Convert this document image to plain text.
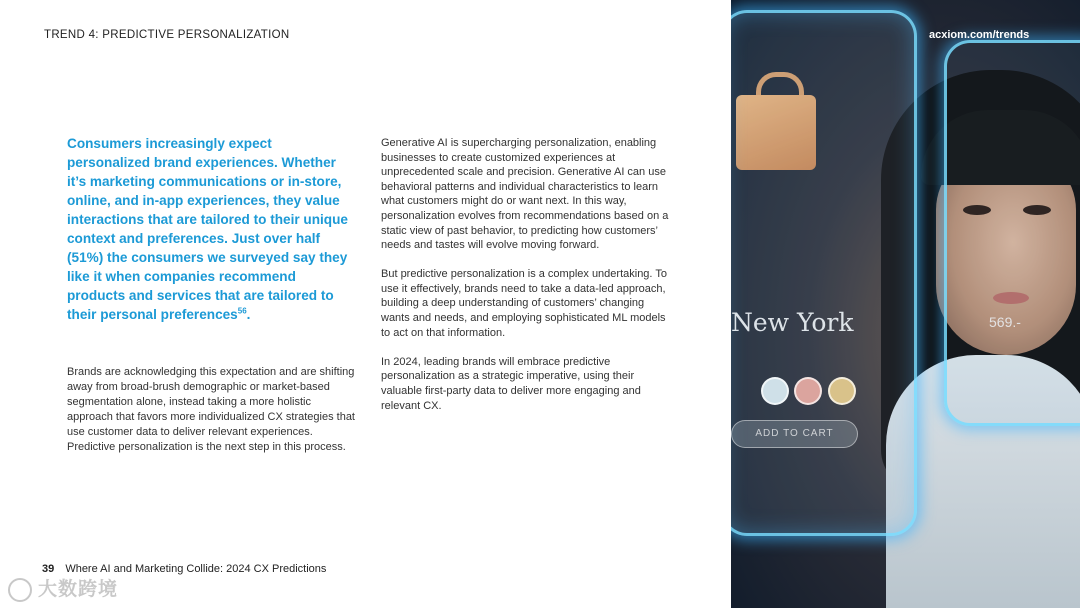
TREND 4: PREDICTIVE PERSONALIZATION
Consumers increasingly expect personalized brand experiences. Whether it’s marketing communications or in-store, online, and in-app experiences, they value interactions that are tailored to their unique context and preferences. Just over half (51%) the consumers we surveyed say they like it when companies recommend products and services that are tailored to their personal preferences$^{56}$.
Brands are acknowledging this expectation and are shifting away from broad-brush demographic or market-based segmentation alone, instead taking a more holistic approach that favors more individualized CX strategies that use customer data to deliver relevant experiences. Predictive personalization is the next step in this process.

Generative AI is supercharging personalization, enabling businesses to create customized experiences at unprecedented scale and precision. Generative AI can use behavioral patterns and individual characteristics to learn what customers might do or want next. In this way, personalization evolves from recommendations based on a static view of past behavior, to predicting how customers’ needs and tastes will evolve moving forward.

But predictive personalization is a complex undertaking. To use it effectively, brands need to take a data-led approach, building a deep understanding of customers’ changing wants and needs, and employing sophisticated ML models to act on that information.

In 2024, leading brands will embrace predictive personalization as a strategic imperative, using their valuable first-party data to deliver more engaging and relevant CX.

39 Where AI and Marketing Collide: 2024 CX Predictions
大数跨境
New York	569.-
ADD TO CART
acxiom.com/trends
